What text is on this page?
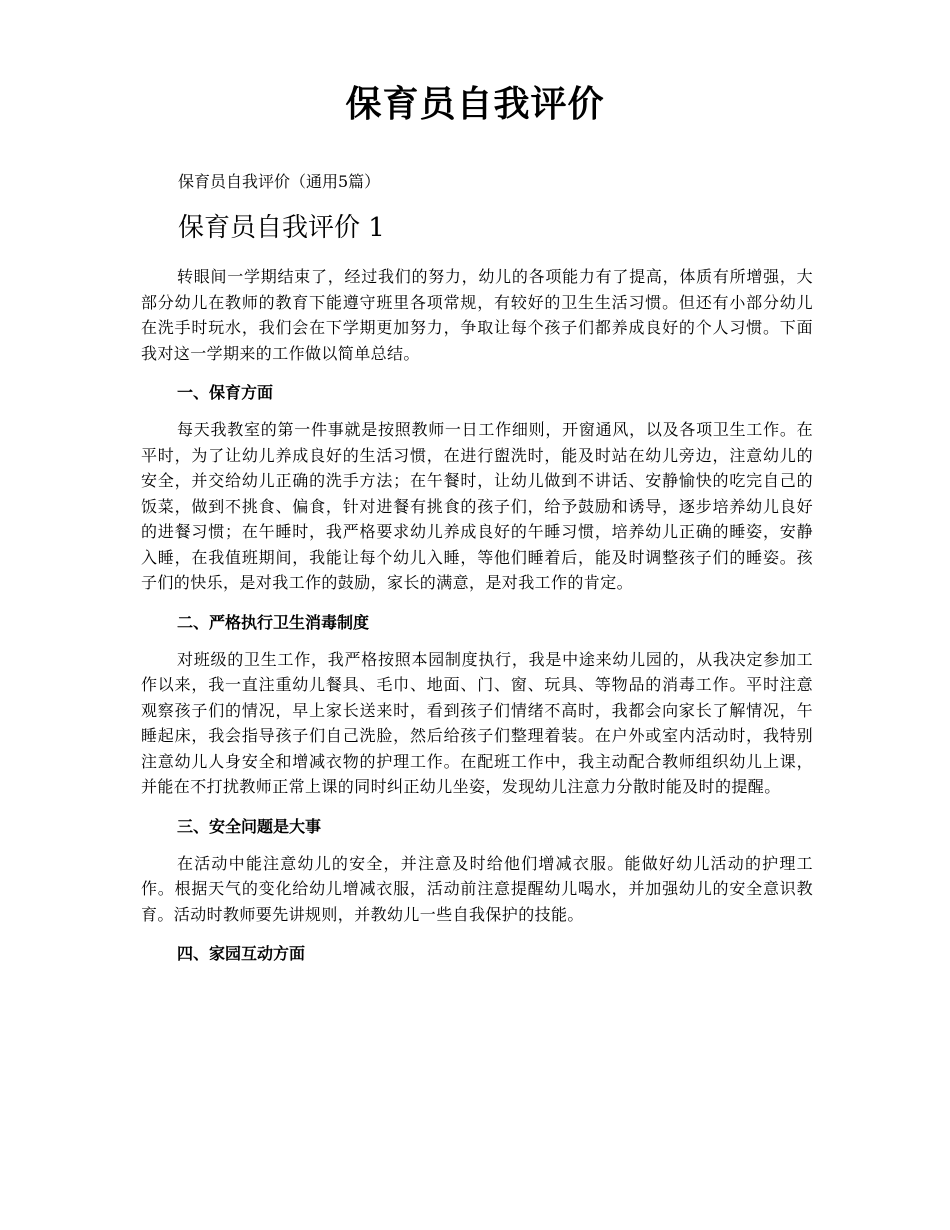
保育员自我评价
保育员自我评价（通用5篇）
保育员自我评价 1

转眼间一学期结束了，经过我们的努力，幼儿的各项能力有了提高，体质有所增强，大部分幼儿在教师的教育下能遵守班里各项常规，有较好的卫生生活习惯。但还有小部分幼儿在洗手时玩水，我们会在下学期更加努力，争取让每个孩子们都养成良好的个人习惯。下面我对这一学期来的工作做以简单总结。

一、保育方面

每天我教室的第一件事就是按照教师一日工作细则，开窗通风，以及各项卫生工作。在平时，为了让幼儿养成良好的生活习惯，在进行盥洗时，能及时站在幼儿旁边，注意幼儿的安全，并交给幼儿正确的洗手方法；在午餐时，让幼儿做到不讲话、安静愉快的吃完自己的饭菜，做到不挑食、偏食，针对进餐有挑食的孩子们，给予鼓励和诱导，逐步培养幼儿良好的进餐习惯；在午睡时，我严格要求幼儿养成良好的午睡习惯，培养幼儿正确的睡姿，安静入睡，在我值班期间，我能让每个幼儿入睡，等他们睡着后，能及时调整孩子们的睡姿。孩子们的快乐，是对我工作的鼓励，家长的满意，是对我工作的肯定。

二、严格执行卫生消毒制度

对班级的卫生工作，我严格按照本园制度执行，我是中途来幼儿园的，从我决定参加工作以来，我一直注重幼儿餐具、毛巾、地面、门、窗、玩具、等物品的消毒工作。平时注意观察孩子们的情况，早上家长送来时，看到孩子们情绪不高时，我都会向家长了解情况，午睡起床，我会指导孩子们自己洗脸，然后给孩子们整理着装。在户外或室内活动时，我特别注意幼儿人身安全和增减衣物的护理工作。在配班工作中，我主动配合教师组织幼儿上课，并能在不打扰教师正常上课的同时纠正幼儿坐姿，发现幼儿注意力分散时能及时的提醒。

三、安全问题是大事

在活动中能注意幼儿的安全，并注意及时给他们增减衣服。能做好幼儿活动的护理工作。根据天气的变化给幼儿增减衣服，活动前注意提醒幼儿喝水，并加强幼儿的安全意识教育。活动时教师要先讲规则，并教幼儿一些自我保护的技能。

四、家园互动方面
